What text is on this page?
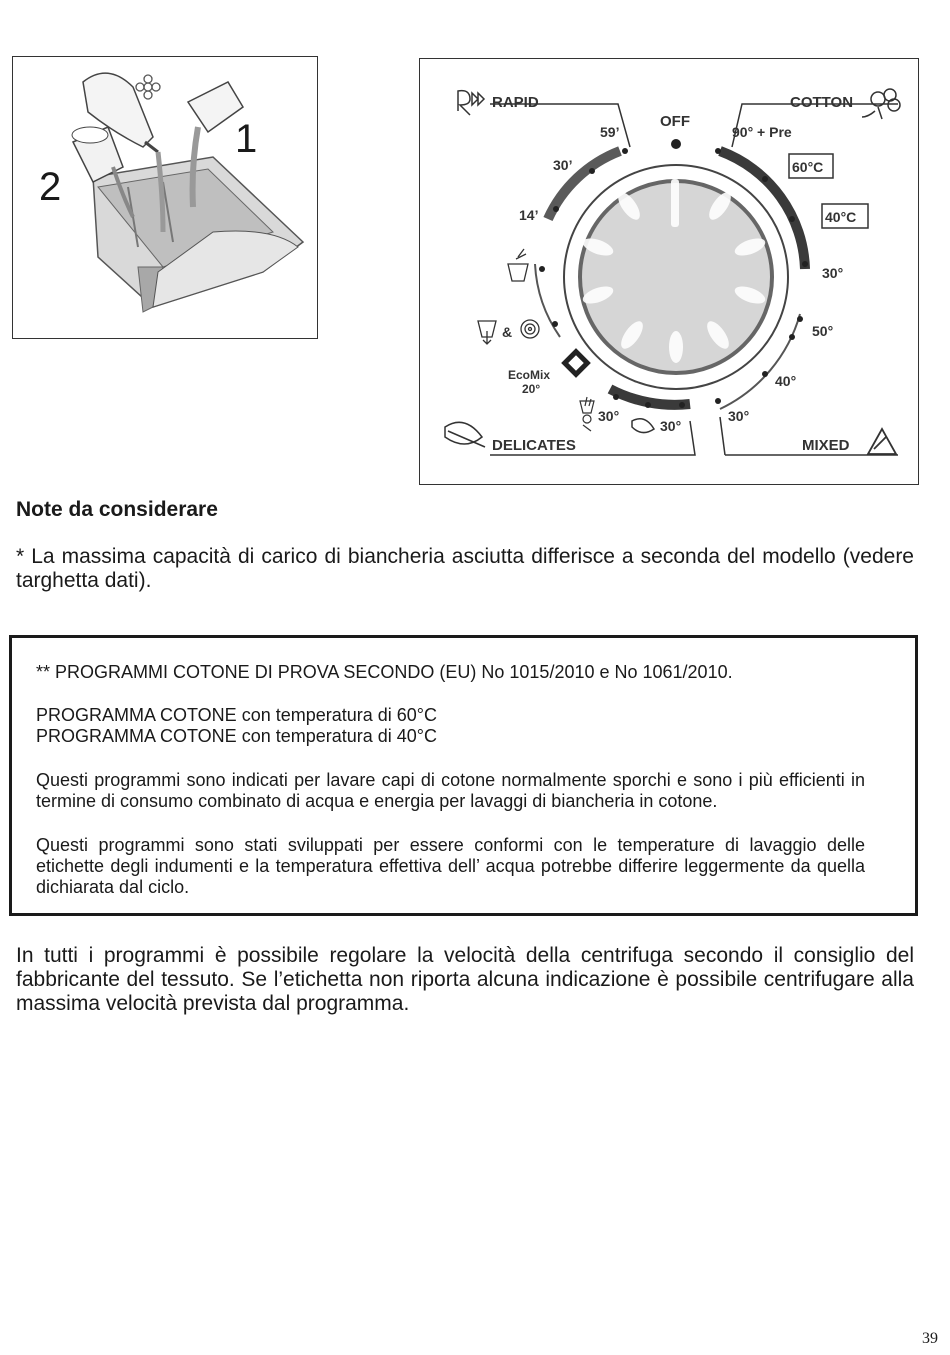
1
2
OFF
RAPID	COTTON
DELICATES	MIXED
EcoMix
20°
&
59’
30’
14’
90° + Pre
60°C
40°C
30°
50°
40°
30°
30°
30°
Note da considerare

* La massima capacità di carico di biancheria asciutta differisce a seconda del modello (vedere targhetta dati).

** PROGRAMMI COTONE DI PROVA SECONDO (EU) No 1015/2010 e No 1061/2010.

PROGRAMMA COTONE con temperatura di 60°C

PROGRAMMA COTONE con temperatura di 40°C

Questi programmi sono indicati per lavare capi di cotone normalmente sporchi e sono i più efficienti in termine di consumo combinato di acqua e energia per lavaggi di biancheria in cotone.

Questi programmi sono stati sviluppati per essere conformi con le temperature di lavaggio delle etichette degli indumenti e la temperatura effettiva dell’ acqua potrebbe differire leggermente da quella dichiarata dal ciclo.

In tutti i programmi è possibile regolare la velocità della centrifuga secondo il consiglio del fabbricante del tessuto. Se l’etichetta non riporta alcuna indicazione è possibile centrifugare alla massima velocità prevista dal programma.

39
